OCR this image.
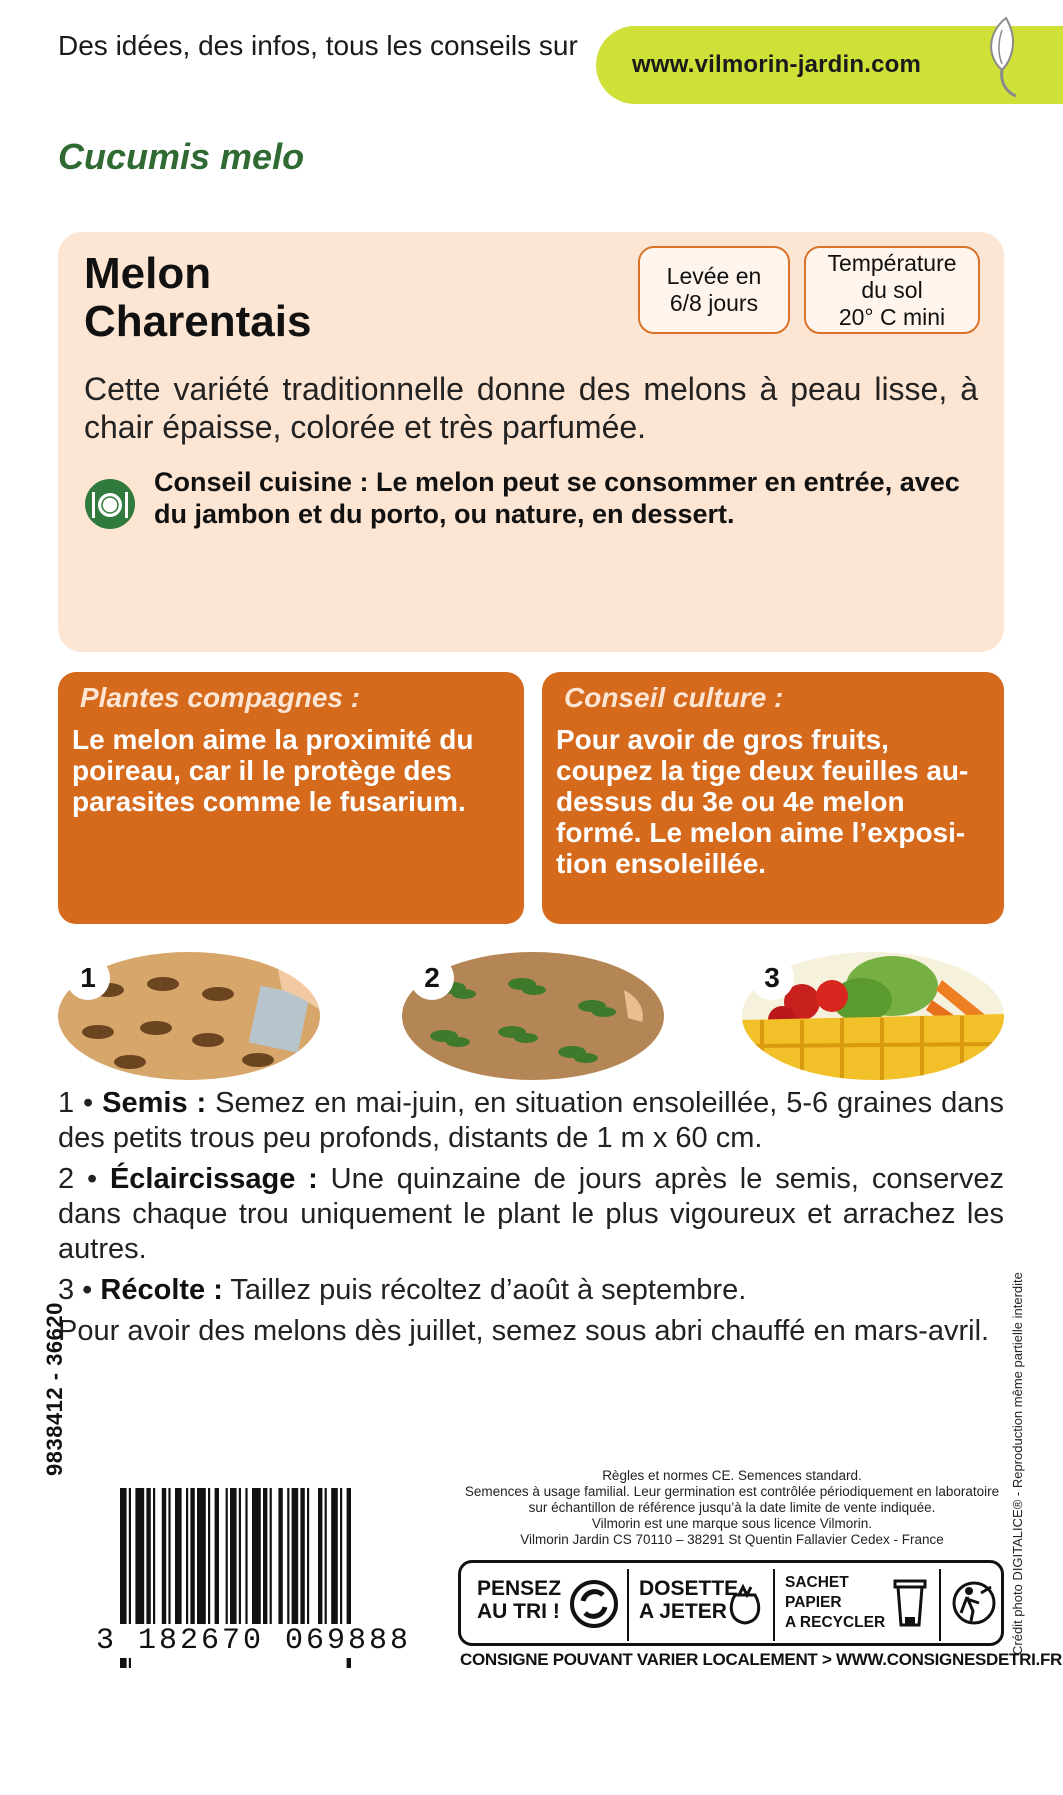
Des idées, des infos, tous les conseils sur
www.vilmorin-jardin.com
Cucumis melo
Melon
Charentais
Levée en
6/8 jours
Température
du sol
20° C mini
Cette variété traditionnelle donne des melons à peau lisse, à chair épaisse, colorée et très parfumée.
Conseil cuisine : Le melon peut se consommer en entrée, avec du jambon et du porto, ou nature, en dessert.
Plantes compagnes :
Le melon aime la proximité du poireau, car il le protège des parasites comme le fusarium.
Conseil culture :
Pour avoir de gros fruits, coupez la tige deux feuilles au-dessus du 3e ou 4e melon formé. Le melon aime l’exposition ensoleillée.
1	2	3

1 • Semis : Semez en mai-juin, en situation ensoleillée, 5-6 graines dans des petits trous peu profonds, distants de 1 m x 60 cm.

2 • Éclaircissage : Une quinzaine de jours après le semis, conservez dans chaque trou uniquement le plant le plus vigoureux et arrachez les autres.

3 • Récolte : Taillez puis récoltez d’août à septembre.

Pour avoir des melons dès juillet, semez sous abri chauffé en mars-avril.

9838412 - 36620	Crédit photo DIGITALICE® - Reproduction même partielle interdite
3 182670 069888
Règles et normes CE. Semences standard.
Semences à usage familial. Leur germination est contrôlée périodiquement en laboratoire sur échantillon de référence jusqu’à la date limite de vente indiquée.
Vilmorin est une marque sous licence Vilmorin.
Vilmorin Jardin CS 70110 – 38291 St Quentin Fallavier Cedex - France
PENSEZ
AU TRI !
DOSETTE
A JETER
SACHET
PAPIER
A RECYCLER
CONSIGNE POUVANT VARIER LOCALEMENT > WWW.CONSIGNESDETRI.FR
